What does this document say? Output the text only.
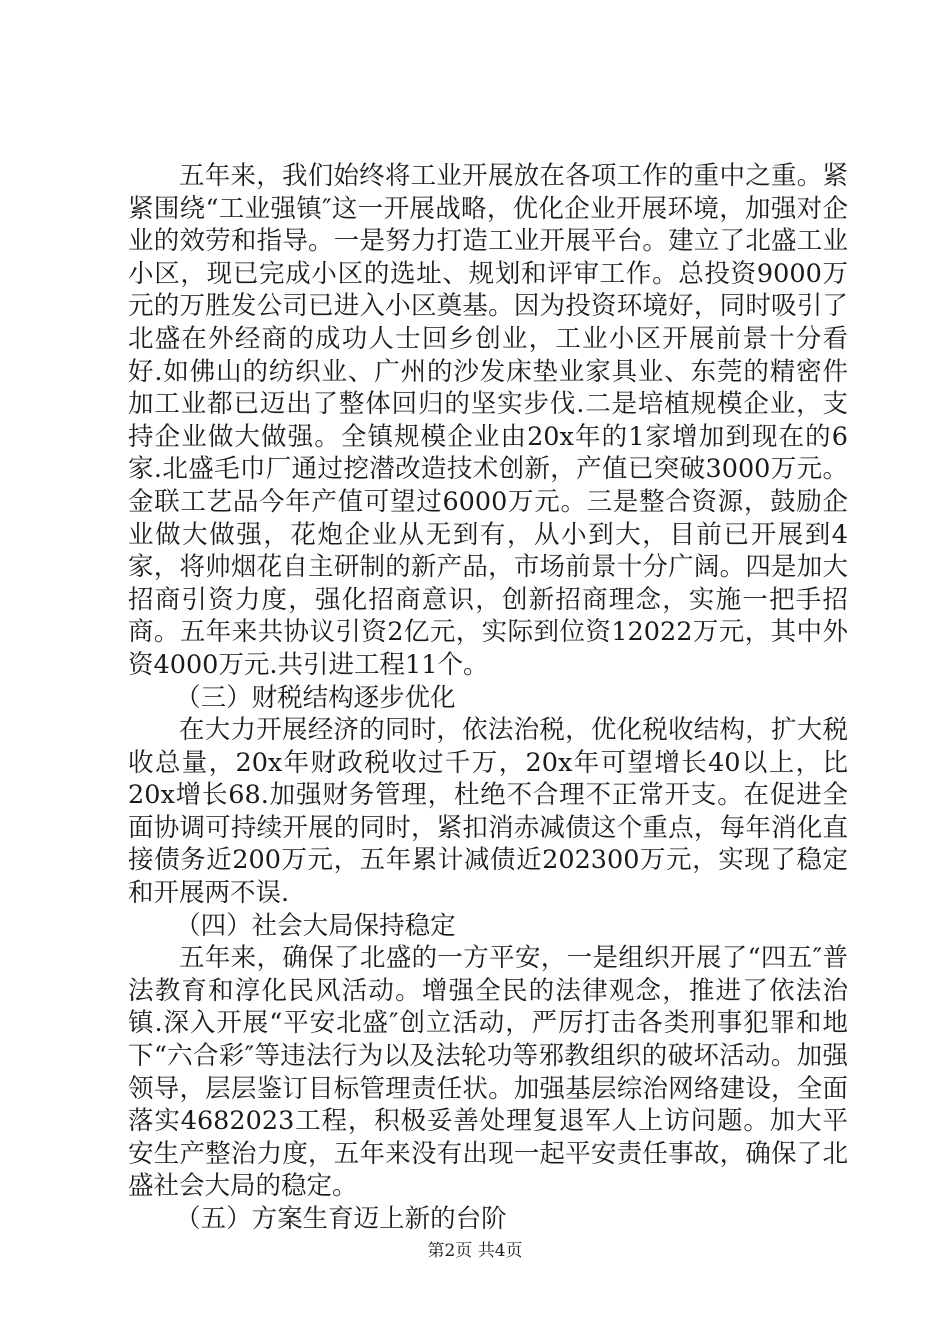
五年来，我们始终将工业开展放在各项工作的重中之重。紧紧围绕“工业强镇″这一开展战略，优化企业开展环境，加强对企业的效劳和指导。一是努力打造工业开展平台。建立了北盛工业小区，现已完成小区的选址、规划和评审工作。总投资9000万元的万胜发公司已进入小区奠基。因为投资环境好，同时吸引了北盛在外经商的成功人士回乡创业，工业小区开展前景十分看好.如佛山的纺织业、广州的沙发床垫业家具业、东莞的精密件加工业都已迈出了整体回归的坚实步伐.二是培植规模企业，支持企业做大做强。全镇规模企业由20x年的1家增加到现在的6家.北盛毛巾厂通过挖潜改造技术创新，产值已突破3000万元。金联工艺品今年产值可望过6000万元。三是整合资源，鼓励企业做大做强，花炮企业从无到有，从小到大，目前已开展到4家，将帅烟花自主研制的新产品，市场前景十分广阔。四是加大招商引资力度，强化招商意识，创新招商理念，实施一把手招商。五年来共协议引资2亿元，实际到位资12022万元，其中外资4000万元.共引进工程11个。

（三）财税结构逐步优化

在大力开展经济的同时，依法治税，优化税收结构，扩大税收总量，20x年财政税收过千万，20x年可望增长40以上，比20x增长68.加强财务管理，杜绝不合理不正常开支。在促进全面协调可持续开展的同时，紧扣消赤减债这个重点，每年消化直接债务近200万元，五年累计减债近202300万元，实现了稳定和开展两不误.

（四）社会大局保持稳定

五年来，确保了北盛的一方平安，一是组织开展了“四五″普法教育和淳化民风活动。增强全民的法律观念，推进了依法治镇.深入开展“平安北盛″创立活动，严厉打击各类刑事犯罪和地下“六合彩″等违法行为以及法轮功等邪教组织的破坏活动。加强领导，层层鉴订目标管理责任状。加强基层综治网络建设，全面落实4682023工程，积极妥善处理复退军人上访问题。加大平安生产整治力度，五年来没有出现一起平安责任事故，确保了北盛社会大局的稳定。

（五）方案生育迈上新的台阶

第2页 共4页
